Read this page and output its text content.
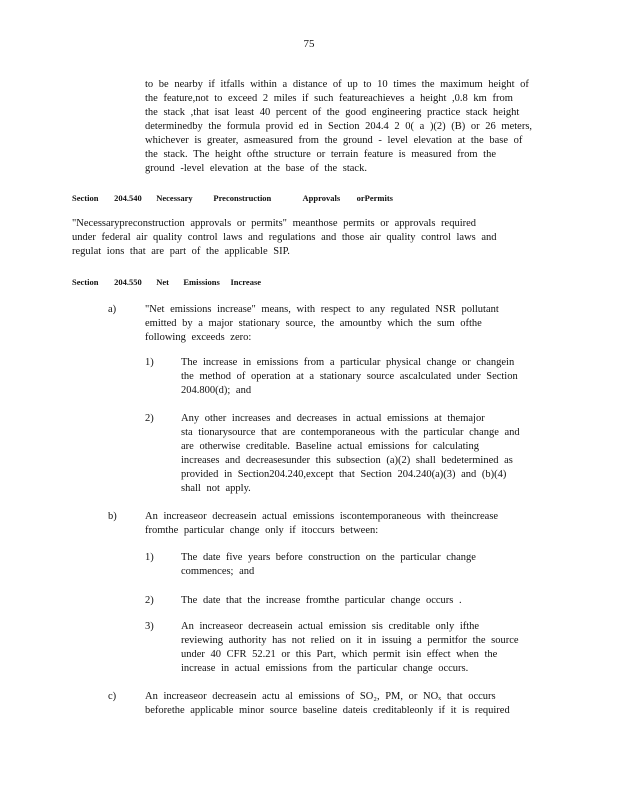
75
to be nearby if itfalls within a distance of up to 10 times the maximum height of
the feature,not to exceed 2 miles if such featureachieves a height ,0.8 km from
the stack ,that isat least 40 percent of the good engineering practice stack height
determinedby the formula provid ed in Section 204.4 2 0( a )(2) (B) or 26 meters,
whichever is greater, asmeasured from the ground - level elevation at the base of
the stack. The height ofthe structure or terrain feature is measured from the
ground -level elevation at the base of the stack.
Section 204.540 Necessary Preconstruction	Approvals orPermits
"Necessarypreconstruction approvals or permits" meanthose permits or approvals required
under federal air quality control laws and regulations and those air quality control laws and
regulat ions that are part of the applicable SIP.
Section 204.550 Net Emissions Increase
a)	"Net emissions increase" means, with respect to any regulated NSR pollutant
emitted by a major stationary source, the amountby which the sum ofthe
following exceeds zero:
1)	The increase in emissions from a particular physical change or changein
the method of operation at a stationary source ascalculated under Section
204.800(d); and
2)	Any other increases and decreases in actual emissions at themajor
sta tionarysource that are contemporaneous with the particular change and
are otherwise creditable. Baseline actual emissions for calculating
increases and decreasesunder this subsection (a)(2) shall bedetermined as
provided in Section204.240,except that Section 204.240(a)(3) and (b)(4)
shall not apply.
b)	An increaseor decreasein actual emissions iscontemporaneous with theincrease
fromthe particular change only if itoccurs between:
1)	The date five years before construction on the particular change
commences; and
2)	The date that the increase fromthe particular change occurs .
3)	An increaseor decreasein actual emission sis creditable only ifthe
reviewing authority has not relied on it in issuing a permitfor the source
under 40 CFR 52.21 or this Part, which permit isin effect when the
increase in actual emissions from the particular change occurs.
c)	An increaseor decreasein actu al emissions of SO₂, PM, or NOₓ that occurs
beforethe applicable minor source baseline dateis creditableonly if it is required
